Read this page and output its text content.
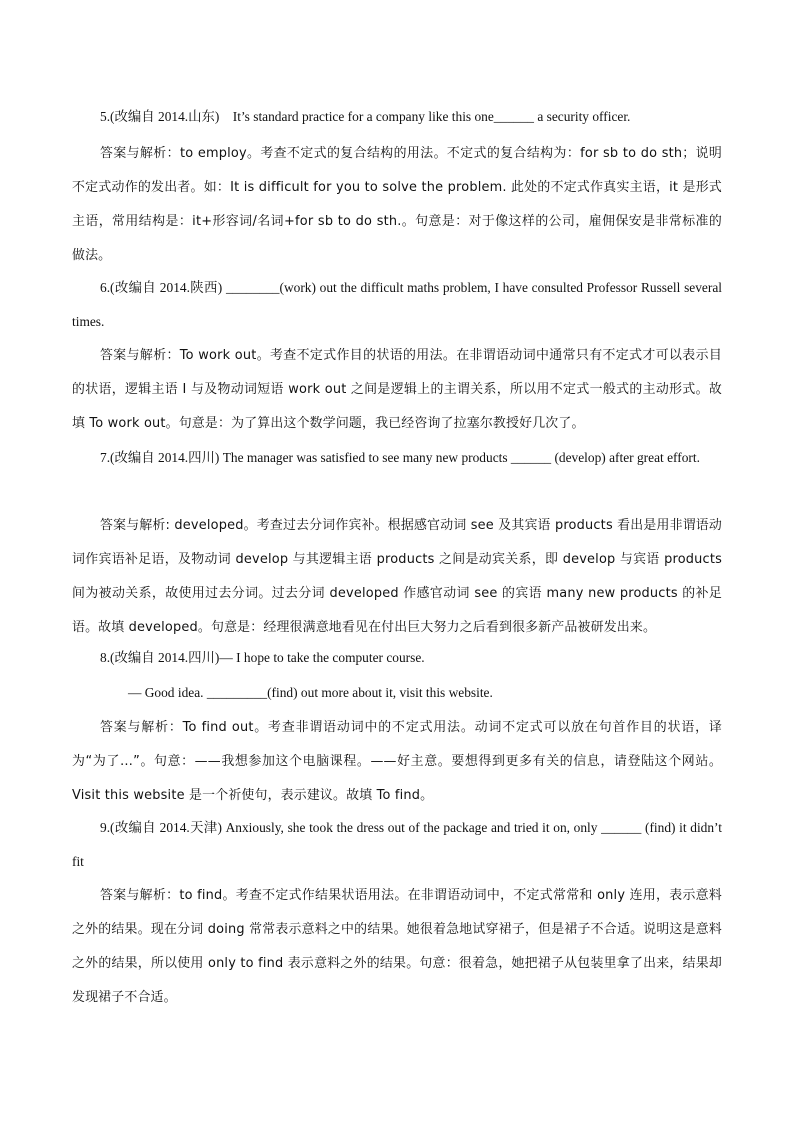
5.(改编自 2014.山东)　It’s standard practice for a company like this one______ a security officer.

答案与解析：to employ。考查不定式的复合结构的用法。不定式的复合结构为：for sb to do sth；说明不定式动作的发出者。如：It is difficult for you to solve the problem. 此处的不定式作真实主语，it 是形式主语，常用结构是：it+形容词/名词+for sb to do sth.。句意是：对于像这样的公司，雇佣保安是非常标准的做法。

6.(改编自 2014.陕西) ________(work) out the difficult maths problem, I have consulted Professor Russell several times.

答案与解析：To work out。考查不定式作目的状语的用法。在非谓语动词中通常只有不定式才可以表示目的状语，逻辑主语 I 与及物动词短语 work out 之间是逻辑上的主谓关系，所以用不定式一般式的主动形式。故填 To work out。句意是：为了算出这个数学问题，我已经咨询了拉塞尔教授好几次了。

7.(改编自 2014.四川) The manager was satisfied to see many new products ______ (develop) after great effort.

答案与解析: developed。考查过去分词作宾补。根据感官动词 see 及其宾语 products 看出是用非谓语动词作宾语补足语，及物动词 develop 与其逻辑主语 products 之间是动宾关系，即 develop 与宾语 products 间为被动关系，故使用过去分词。过去分词 developed 作感官动词 see 的宾语 many new products 的补足语。故填 developed。句意是：经理很满意地看见在付出巨大努力之后看到很多新产品被研发出来。

8.(改编自 2014.四川)— I hope to take the computer course.

— Good idea. _________(find) out more about it, visit this website.

答案与解析：To find out。考查非谓语动词中的不定式用法。动词不定式可以放在句首作目的状语，译为“为了…”。句意：——我想参加这个电脑课程。——好主意。要想得到更多有关的信息，请登陆这个网站。Visit this website 是一个祈使句，表示建议。故填 To find。

9.(改编自 2014.天津) Anxiously, she took the dress out of the package and tried it on, only ______ (find) it didn’t fit

答案与解析：to find。考查不定式作结果状语用法。在非谓语动词中，不定式常常和 only 连用，表示意料之外的结果。现在分词 doing 常常表示意料之中的结果。她很着急地试穿裙子，但是裙子不合适。说明这是意料之外的结果，所以使用 only to find 表示意料之外的结果。句意：很着急，她把裙子从包装里拿了出来，结果却发现裙子不合适。
